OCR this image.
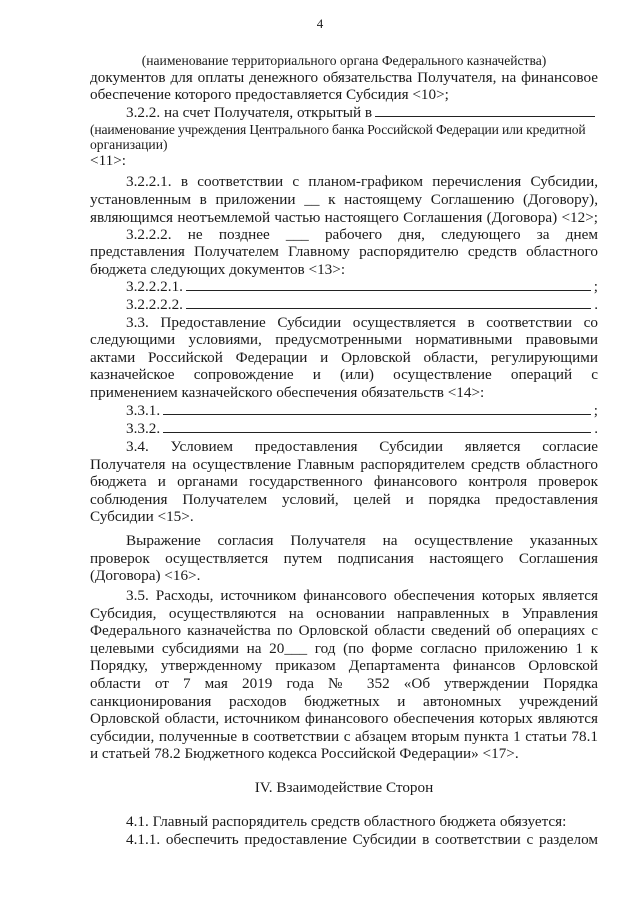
4
(наименование территориального органа Федерального казначейства)
документов для оплаты денежного обязательства Получателя, на финансовое
обеспечение которого предоставляется Субсидия <10>;
3.2.2. на счет Получателя, открытый в
(наименование учреждения Центрального банка Российской Федерации или кредитной
организации)
<11>:
3.2.2.1. в соответствии с планом-графиком перечисления Субсидии,
установленным в приложении __ к настоящему Соглашению (Договору),
являющимся неотъемлемой частью настоящего Соглашения (Договора) <12>;
3.2.2.2. не позднее ___ рабочего дня, следующего за днем
представления Получателем Главному распорядителю средств областного
бюджета следующих документов <13>:
3.2.2.2.1.	;
3.2.2.2.2.	.
3.3. Предоставление Субсидии осуществляется в соответствии со
следующими условиями, предусмотренными нормативными правовыми
актами Российской Федерации и Орловской области, регулирующими
казначейское сопровождение и (или) осуществление операций с
применением казначейского обеспечения обязательств <14>:
3.3.1.	;
3.3.2.	.
3.4. Условием предоставления Субсидии является согласие
Получателя на осуществление Главным распорядителем средств областного
бюджета и органами государственного финансового контроля проверок
соблюдения Получателем условий, целей и порядка предоставления
Субсидии <15>.
Выражение согласия Получателя на осуществление указанных
проверок осуществляется путем подписания настоящего Соглашения
(Договора) <16>.
3.5. Расходы, источником финансового обеспечения которых является
Субсидия, осуществляются на основании направленных в Управления
Федерального казначейства по Орловской области сведений об операциях с
целевыми субсидиями на 20___ год (по форме согласно приложению 1 к
Порядку, утвержденному приказом Департамента финансов Орловской
области от 7 мая 2019 года № 352 «Об утверждении Порядка
санкционирования расходов бюджетных и автономных учреждений
Орловской области, источником финансового обеспечения которых являются
субсидии, полученные в соответствии с абзацем вторым пункта 1 статьи 78.1
и статьей 78.2 Бюджетного кодекса Российской Федерации» <17>.
IV. Взаимодействие Сторон
4.1. Главный распорядитель средств областного бюджета обязуется:
4.1.1. обеспечить предоставление Субсидии в соответствии с разделом
